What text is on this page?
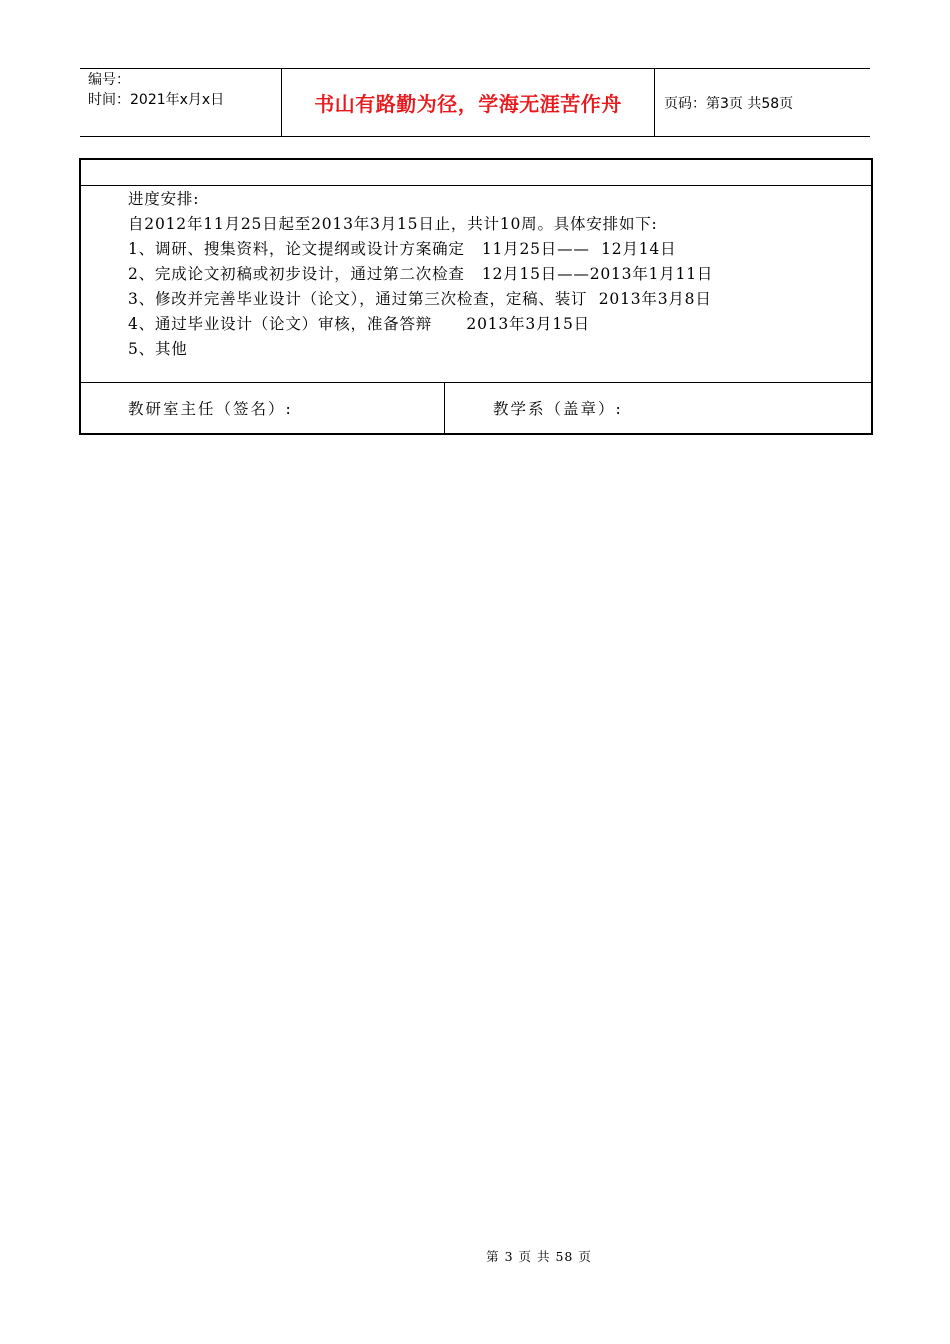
编号：
时间：2021年x月x日	书山有路勤为径，学海无涯苦作舟	页码：第3页 共58页
进度安排:
自2012年11月25日起至2013年3月15日止，共计10周。具体安排如下:
1、调研、搜集资料，论文提纲或设计方案确定   11月25日——  12月14日
2、完成论文初稿或初步设计，通过第二次检查   12月15日——2013年1月11日
3、修改并完善毕业设计（论文），通过第三次检查，定稿、装订  2013年3月8日
4、通过毕业设计（论文）审核，准备答辩      2013年3月15日
5、其他
教研室主任（签名）:	教学系（盖章）:
第 3 页 共 58 页
